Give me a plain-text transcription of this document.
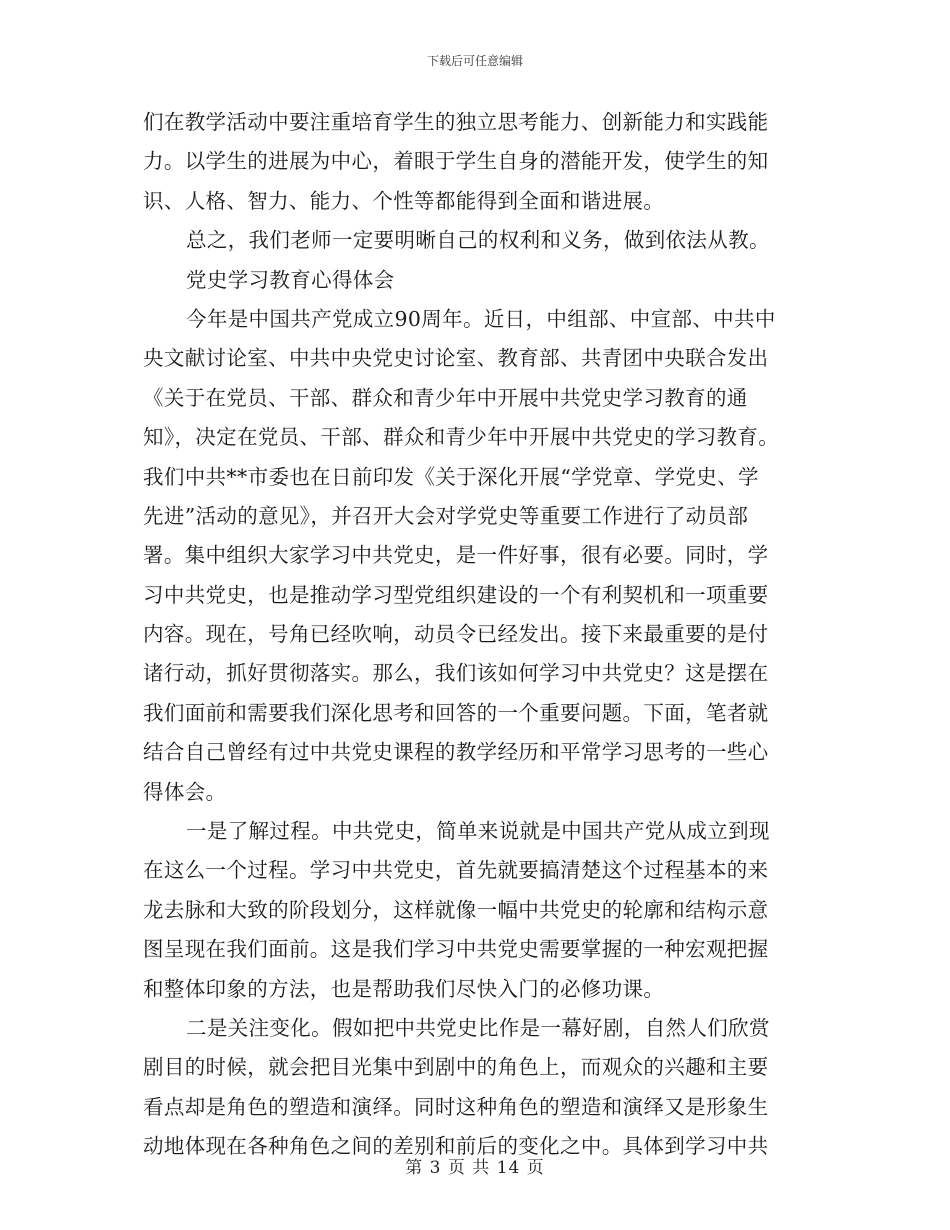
下载后可任意编辑
们在教学活动中要注重培育学生的独立思考能力、创新能力和实践能
力。以学生的进展为中心，着眼于学生自身的潜能开发，使学生的知
识、人格、智力、能力、个性等都能得到全面和谐进展。
总之，我们老师一定要明晰自己的权利和义务，做到依法从教。
党史学习教育心得体会
今年是中国共产党成立90周年。近日，中组部、中宣部、中共中
央文献讨论室、中共中央党史讨论室、教育部、共青团中央联合发出
《关于在党员、干部、群众和青少年中开展中共党史学习教育的通
知》，决定在党员、干部、群众和青少年中开展中共党史的学习教育。
我们中共**市委也在日前印发《关于深化开展“学党章、学党史、学
先进”活动的意见》，并召开大会对学党史等重要工作进行了动员部
署。集中组织大家学习中共党史，是一件好事，很有必要。同时，学
习中共党史，也是推动学习型党组织建设的一个有利契机和一项重要
内容。现在，号角已经吹响，动员令已经发出。接下来最重要的是付
诸行动，抓好贯彻落实。那么，我们该如何学习中共党史？这是摆在
我们面前和需要我们深化思考和回答的一个重要问题。下面，笔者就
结合自己曾经有过中共党史课程的教学经历和平常学习思考的一些心
得体会。
一是了解过程。中共党史，简单来说就是中国共产党从成立到现
在这么一个过程。学习中共党史，首先就要搞清楚这个过程基本的来
龙去脉和大致的阶段划分，这样就像一幅中共党史的轮廓和结构示意
图呈现在我们面前。这是我们学习中共党史需要掌握的一种宏观把握
和整体印象的方法，也是帮助我们尽快入门的必修功课。
二是关注变化。假如把中共党史比作是一幕好剧，自然人们欣赏
剧目的时候，就会把目光集中到剧中的角色上，而观众的兴趣和主要
看点却是角色的塑造和演绎。同时这种角色的塑造和演绎又是形象生
动地体现在各种角色之间的差别和前后的变化之中。具体到学习中共
第 3 页 共 14 页
